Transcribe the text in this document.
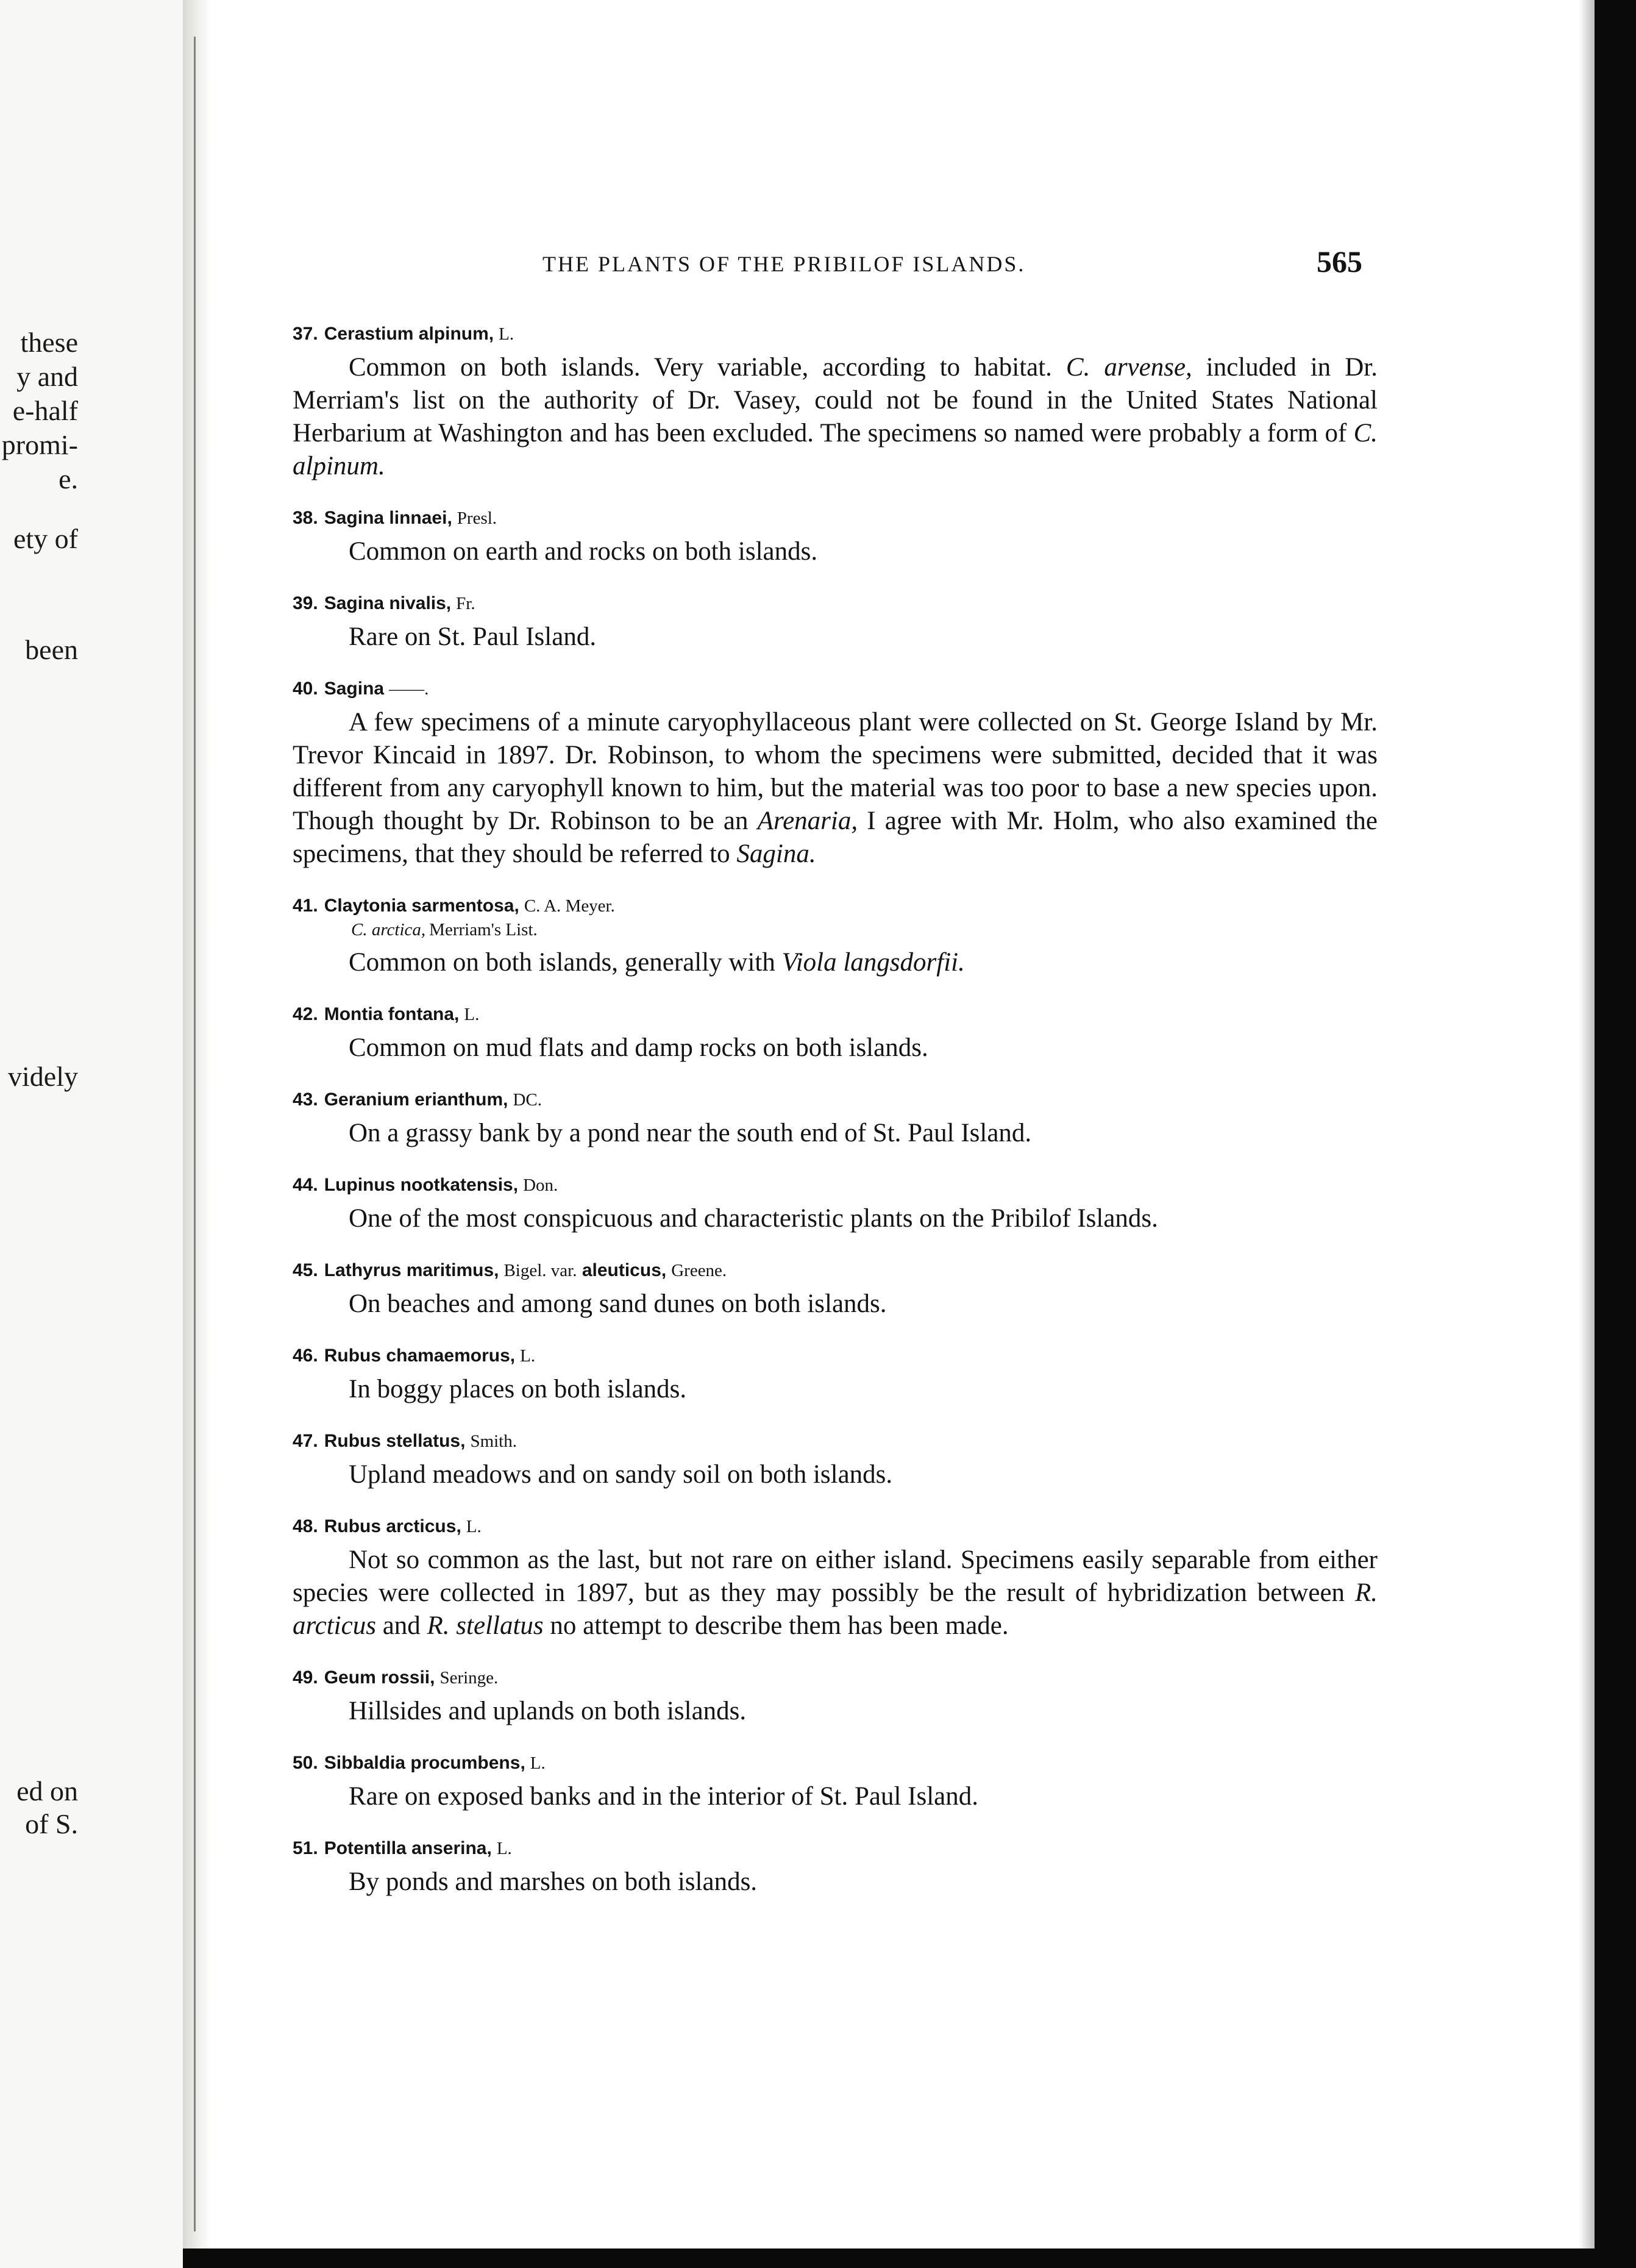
these
y and
e-half
promi-
e.
ety of
been
videly
ed on
of S.
THE PLANTS OF THE PRIBILOF ISLANDS.	565
37. Cerastium alpinum, L.

Common on both islands. Very variable, according to habitat. C. arvense, included in Dr. Merriam's list on the authority of Dr. Vasey, could not be found in the United States National Herbarium at Washington and has been excluded. The specimens so named were probably a form of C. alpinum.

38. Sagina linnaei, Presl.

Common on earth and rocks on both islands.

39. Sagina nivalis, Fr.

Rare on St. Paul Island.

40. Sagina ——.

A few specimens of a minute caryophyllaceous plant were collected on St. George Island by Mr. Trevor Kincaid in 1897. Dr. Robinson, to whom the specimens were submitted, decided that it was different from any caryophyll known to him, but the material was too poor to base a new species upon. Though thought by Dr. Robinson to be an Arenaria, I agree with Mr. Holm, who also examined the specimens, that they should be referred to Sagina.

41. Claytonia sarmentosa, C. A. Meyer.
C. arctica, Merriam's List.

Common on both islands, generally with Viola langsdorfii.

42. Montia fontana, L.

Common on mud flats and damp rocks on both islands.

43. Geranium erianthum, DC.

On a grassy bank by a pond near the south end of St. Paul Island.

44. Lupinus nootkatensis, Don.

One of the most conspicuous and characteristic plants on the Pribilof Islands.

45. Lathyrus maritimus, Bigel. var. aleuticus, Greene.

On beaches and among sand dunes on both islands.

46. Rubus chamaemorus, L.

In boggy places on both islands.

47. Rubus stellatus, Smith.

Upland meadows and on sandy soil on both islands.

48. Rubus arcticus, L.

Not so common as the last, but not rare on either island. Specimens easily separable from either species were collected in 1897, but as they may possibly be the result of hybridization between R. arcticus and R. stellatus no attempt to describe them has been made.

49. Geum rossii, Seringe.

Hillsides and uplands on both islands.

50. Sibbaldia procumbens, L.

Rare on exposed banks and in the interior of St. Paul Island.

51. Potentilla anserina, L.

By ponds and marshes on both islands.
